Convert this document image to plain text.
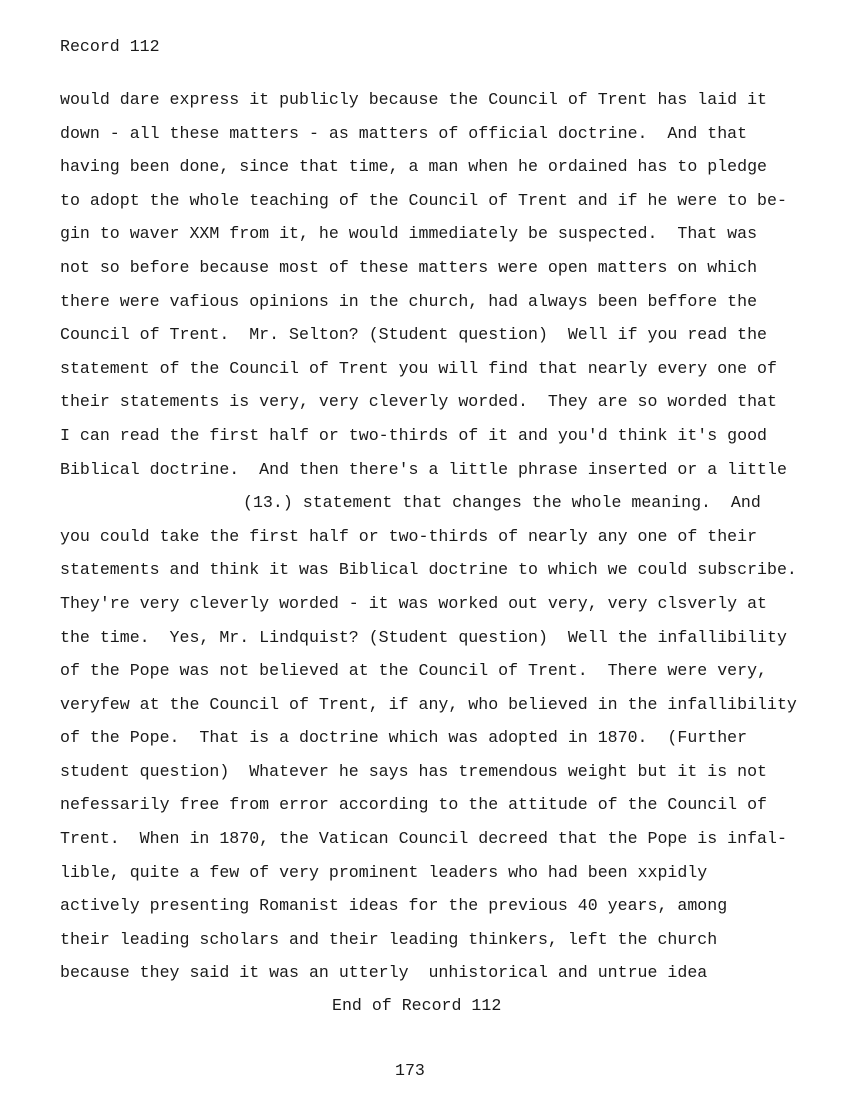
Record 112
would dare express it publicly because the Council of Trent has laid it
down - all these matters - as matters of official doctrine.  And that
having been done, since that time, a man when he ordained has to pledge
to adopt the whole teaching of the Council of Trent and if he were to be-
gin to waver XXM from it, he would immediately be suspected.  That was
not so before because most of these matters were open matters on which
there were vafious opinions in the church, had always been beffore the
Council of Trent.  Mr. Selton? (Student question)  Well if you read the
statement of the Council of Trent you will find that nearly every one of
their statements is very, very cleverly worded.  They are so worded that
I can read the first half or two-thirds of it and you'd think it's good
Biblical doctrine.  And then there's a little phrase inserted or a little
(13.) statement that changes the whole meaning.  And
you could take the first half or two-thirds of nearly any one of their
statements and think it was Biblical doctrine to which we could subscribe.
They're very cleverly worded - it was worked out very, very clsverly at
the time.  Yes, Mr. Lindquist? (Student question)  Well the infallibility
of the Pope was not believed at the Council of Trent.  There were very,
veryfew at the Council of Trent, if any, who believed in the infallibility
of the Pope.  That is a doctrine which was adopted in 1870.  (Further
student question)  Whatever he says has tremendous weight but it is not
nefessarily free from error according to the attitude of the Council of
Trent.  When in 1870, the Vatican Council decreed that the Pope is infal-
lible, quite a few of very prominent leaders who had been xxpidly
actively presenting Romanist ideas for the previous 40 years, among
their leading scholars and their leading thinkers, left the church
because they said it was an utterly  unhistorical and untrue idea
End of Record 112
173
